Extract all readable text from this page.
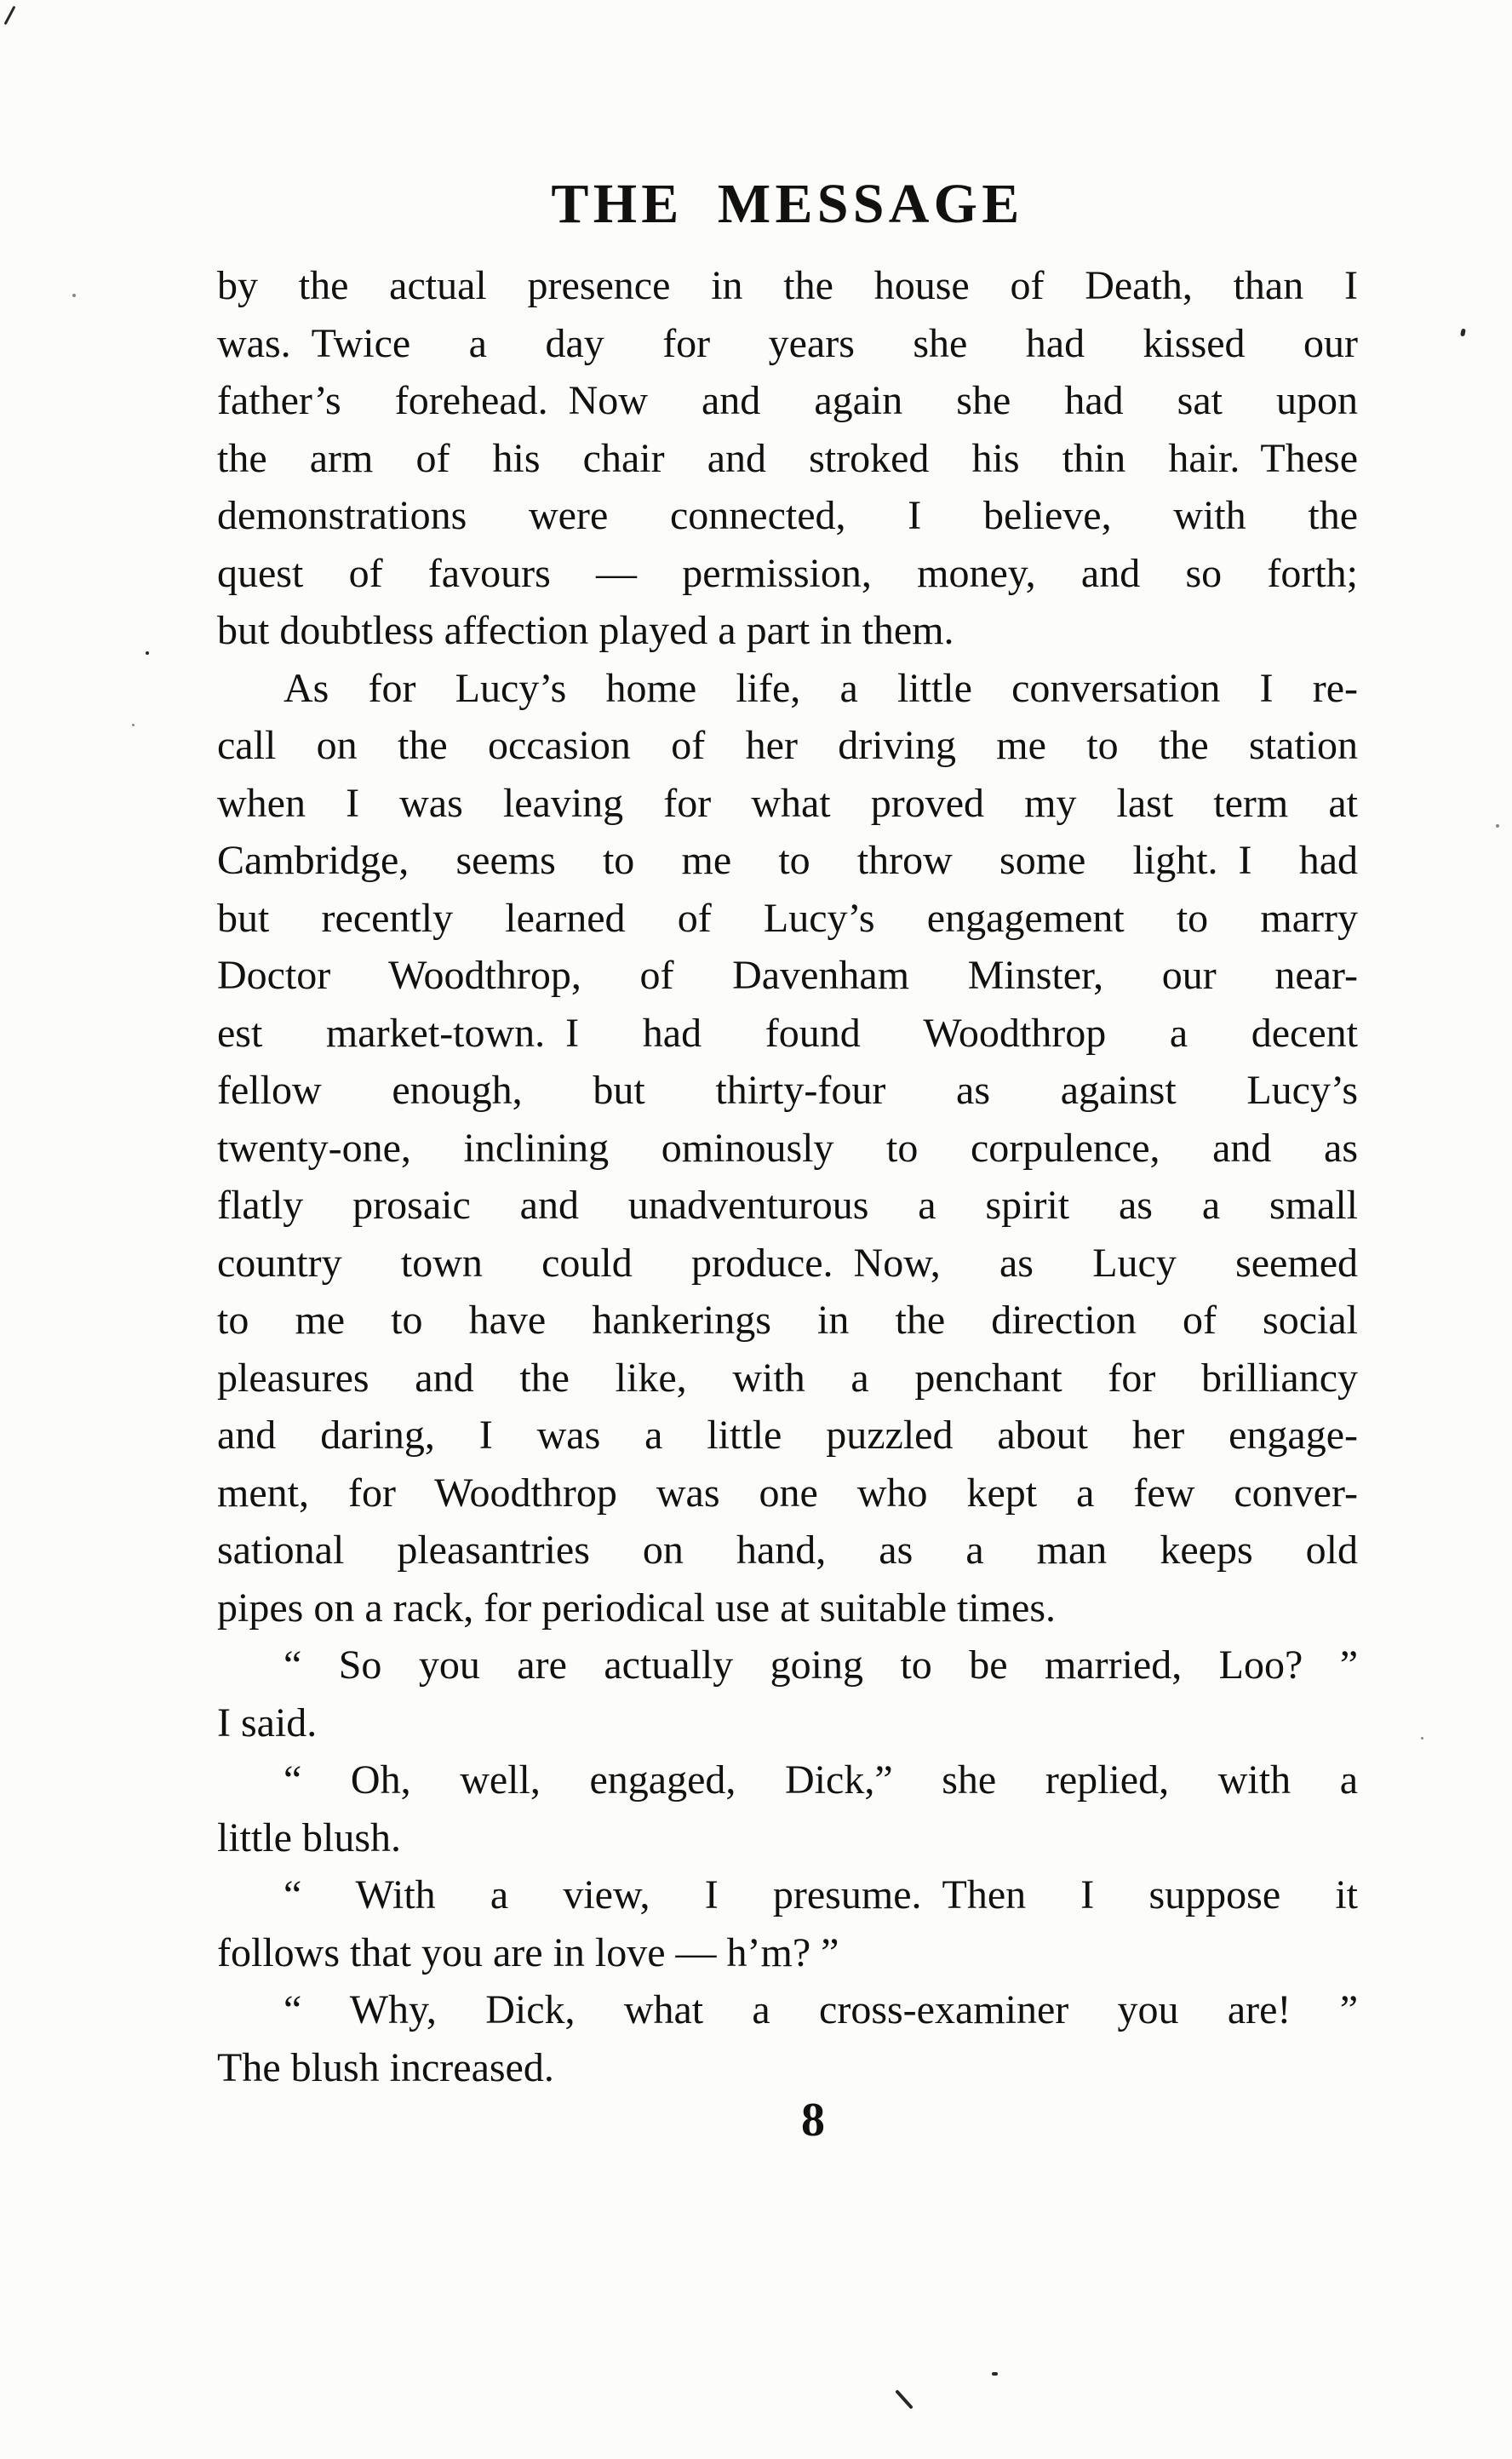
THE MESSAGE
by the actual presence in the house of Death, than I
was. Twice a day for years she had kissed our
father’s forehead. Now and again she had sat upon
the arm of his chair and stroked his thin hair. These
demonstrations were connected, I believe, with the
quest of favours — permission, money, and so forth;
but doubtless affection played a part in them.
As for Lucy’s home life, a little conversation I re-
call on the occasion of her driving me to the station
when I was leaving for what proved my last term at
Cambridge, seems to me to throw some light. I had
but recently learned of Lucy’s engagement to marry
Doctor Woodthrop, of Davenham Minster, our near-
est market-town. I had found Woodthrop a decent
fellow enough, but thirty-four as against Lucy’s
twenty-one, inclining ominously to corpulence, and as
flatly prosaic and unadventurous a spirit as a small
country town could produce. Now, as Lucy seemed
to me to have hankerings in the direction of social
pleasures and the like, with a penchant for brilliancy
and daring, I was a little puzzled about her engage-
ment, for Woodthrop was one who kept a few conver-
sational pleasantries on hand, as a man keeps old
pipes on a rack, for periodical use at suitable times.
“ So you are actually going to be married, Loo? ”
I said.
“ Oh, well, engaged, Dick,” she replied, with a
little blush.
“ With a view, I presume. Then I suppose it
follows that you are in love — h’m? ”
“ Why, Dick, what a cross-examiner you are! ”
The blush increased.
8
